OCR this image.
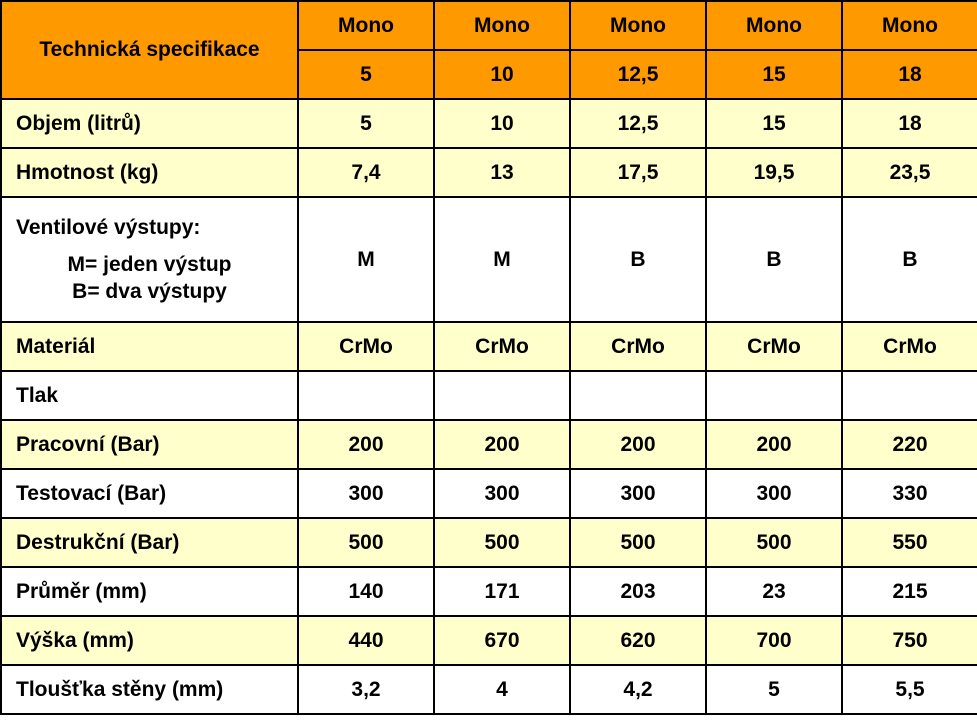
Technická specifikace	Mono	Mono	Mono	Mono	Mono
	5	10	12,5	15	18
Objem (litrů)	5	10	12,5	15	18
Hmotnost (kg)	7,4	13	17,5	19,5	23,5

Ventilové výstupy:
M= jeden výstup
B= dva výstupy	M	M	B	B	B
Materiál	CrMo	CrMo	CrMo	CrMo	CrMo
Tlak					
Pracovní (Bar)	200	200	200	200	220
Testovací (Bar)	300	300	300	300	330
Destrukční (Bar)	500	500	500	500	550
Průměr (mm)	140	171	203	23	215
Výška (mm)	440	670	620	700	750
Tloušťka stěny (mm)	3,2	4	4,2	5	5,5
